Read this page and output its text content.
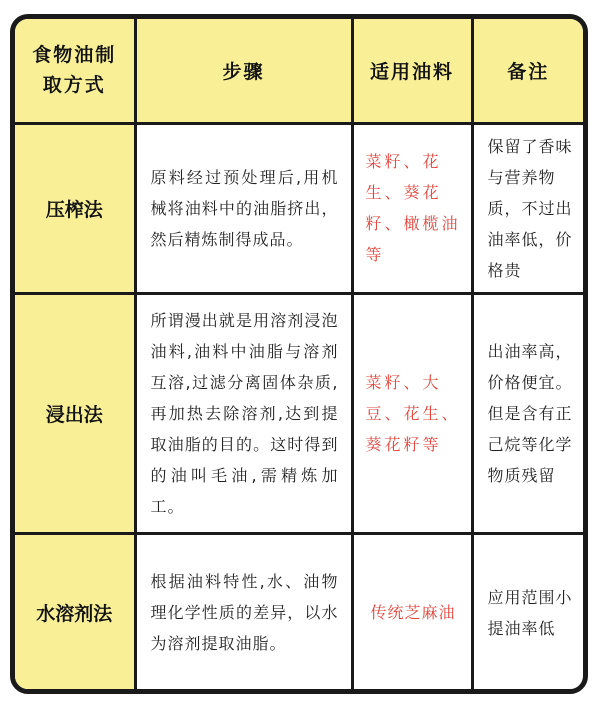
食物油制取方式	步骤	适用油料	备注
压榨法	原料经过预处理后,用机械将油料中的油脂挤出，然后精炼制得成品。	菜籽、花生、葵花籽、橄榄油等	保留了香味与营养物质，不过出油率低，价格贵
浸出法	所谓漫出就是用溶剂浸泡油料,油料中油脂与溶剂互溶,过滤分离固体杂质,再加热去除溶剂,达到提取油脂的目的。这时得到的油叫毛油,需精炼加工。	菜籽、大豆、花生、葵花籽等	出油率高，价格便宜。但是含有正己烷等化学物质残留
水溶剂法	根据油料特性,水、油物理化学性质的差异，以水为溶剂提取油脂。	传统芝麻油	应用范围小提油率低
